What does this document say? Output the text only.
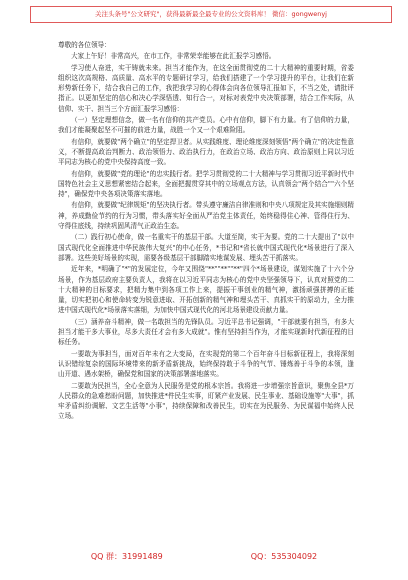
关注头条号"公文研究"，获得最新最全最专业的公文资料库！ 微信：gongwenyj

尊敬的各位领导：

大家上午好！非常高兴，在市工作，非常荣幸能够在此汇报学习感悟。

学习使人奋进，实干铸就未来。担当才能作为，在这全面贯彻党的二十大精神的重要时期，省委组织这次高规格、高质量、高水平的专题研讨学习，给我们搭建了一个学习提升的平台，让我们在新形势新任务下，结合我自己的工作，我把我学习的心得体会向各位领导汇报如下，不当之处，请批评指正。以更加坚定的信心和决心学深悟透、知行合一，对标对表党中央决策部署，结合工作实际，从信仰、实干、担当三个方面汇报学习感悟：

（一）坚定理想信念，做一名有信仰的共产党员。心中有信仰，脚下有力量。有了信仰的力量，我们才能凝聚起坚不可摧的前进力量，战胜一个又一个艰难险阻。

有信仰，就要做"两个确立"的坚定捍卫者。从实践维度、理论维度深刻领悟"两个确立"的决定性意义，不断提高政治判断力、政治领悟力、政治执行力，在政治立场、政治方向、政治原则上同以习近平同志为核心的党中央保持高度一致。

有信仰，就要做"党的理论"的忠实践行者。把学习贯彻党的二十大精神与学习贯彻习近平新时代中国特色社会主义思想紧密结合起来，全面把握贯穿其中的立场观点方法，认真领会"两个结合""六个坚持"，确保党中央各项决策落实落地。

有信仰，就要做"纪律规矩"的坚决执行者。带头遵守廉洁自律准则和中央八项规定及其实施细则精神，养成勤俭节约的行为习惯，带头落实好全面从严治党主体责任，始终稳得住心神、管得住行为、守得住底线，持续巩固风清气正政治生态。

（二）践行初心使命，做一名重实干的基层干部。大道至简，实干为要。党的二十大提出了"以中国式现代化全面推进中华民族伟大复兴"的中心任务，*书记和*省长就中国式现代化*场景进行了深入部署。这些美好场景的实现，需要各级基层干部脚踏实地谋发展、埋头苦干抓落实。

近年来，*明确了"*"的发展定位，今年又围绕"**""**""**"四个*场景建设，谋划实施了十六个分场景，作为基层政府主要负责人，我将在以习近平同志为核心的党中央坚强领导下，认真对照党的二十大精神的目标要求，把精力集中到各项工作上来，提振干事创业的精气神，激扬顽强拼搏的正能量，切实把初心和使命转变为锐意进取、开拓创新的精气神和埋头苦干、真抓实干的原动力，全力推进中国式现代化*场景落实落细，为加快中国式现代化的河北场景建设贡献力量。

（三）涵养奋斗精神，做一名敢担当的先锋队员。习近平总书记强调，"干部就要有担当，有多大担当才能干多大事业，尽多大责任才会有多大成就"。惟有坚持担当作为，才能实现新时代新征程的目标任务。

一要敢为事担当，面对百年未有之大变局，在实现党的第二个百年奋斗目标新征程上，我将深刻认识错综复杂的国际环境带来的新矛盾新挑战，始终保持敢于斗争的气节、锤炼善于斗争的本领，逢山开道、遇水架桥，确保党和国家的决策部署落地落实。

二要敢为民担当，全心全意为人民服务是党的根本宗旨。我将进一步增强宗旨意识，聚焦全县*万人民群众的急难愁盼问题，加快推进*件民生实事，盯紧产业发展、民生事业、基础设施等"大事"，抓牢矛盾纠纷调解、文艺生活等"小事"，持续保障和改善民生，切实在为民服务、为民谋福中始终人民立场。

QQ 群：31991489	QQ：535304092
